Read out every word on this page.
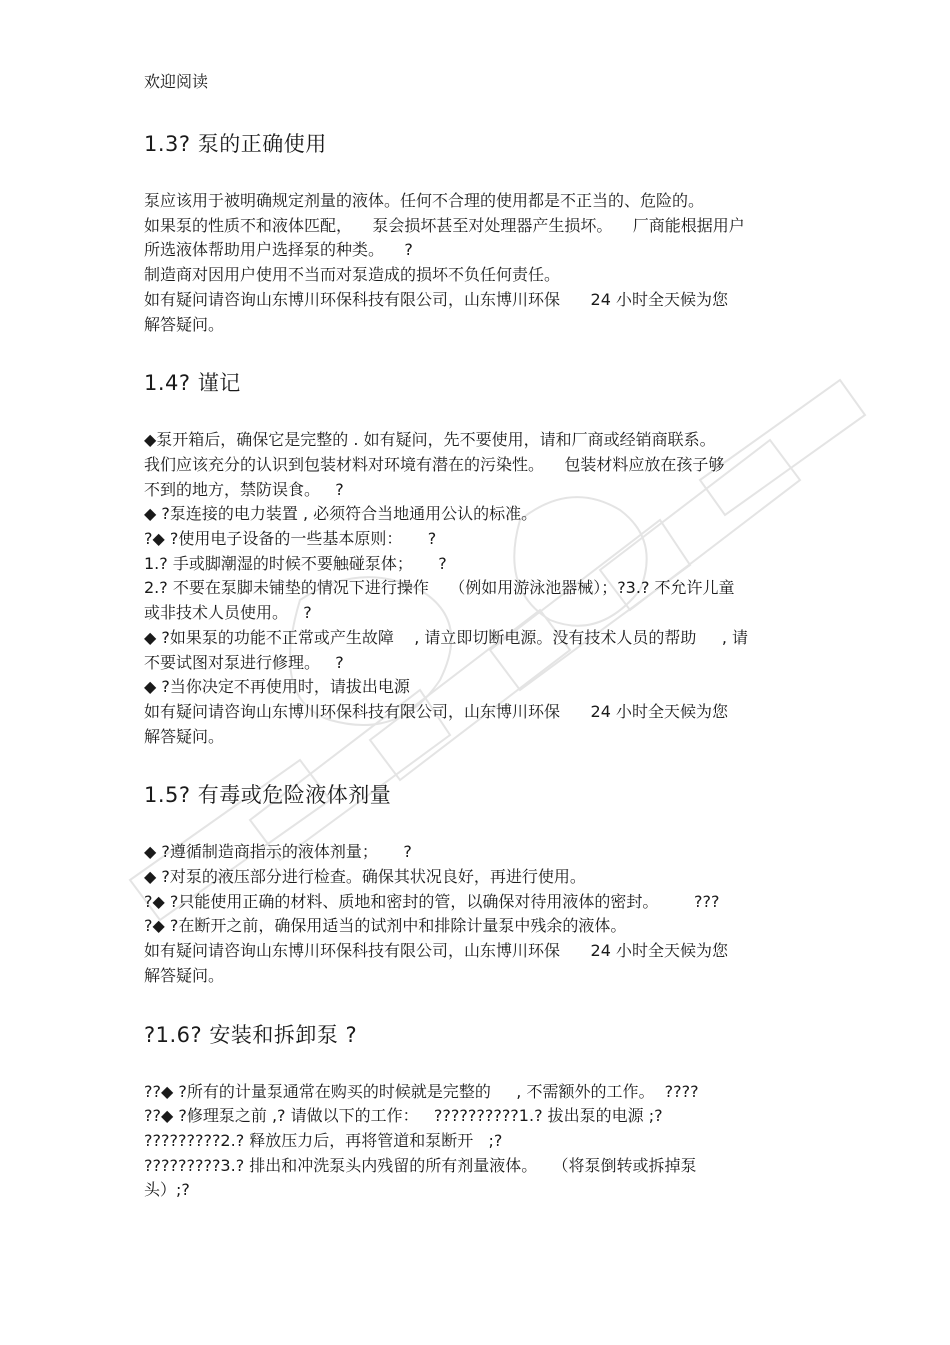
欢迎阅读
1.3? 泵的正确使用

泵应该用于被明确规定剂量的液体。任何不合理的使用都是不正当的、危险的。

如果泵的性质不和液体匹配，    泵会损坏甚至对处理器产生损坏。    厂商能根据用户

所选液体帮助用户选择泵的种类。    ?

制造商对因用户使用不当而对泵造成的损坏不负任何责任。

如有疑问请咨询山东博川环保科技有限公司，山东博川环保      24 小时全天候为您

解答疑问。

1.4? 谨记

◆泵开箱后，确保它是完整的 . 如有疑问，先不要使用，请和厂商或经销商联系。

我们应该充分的认识到包装材料对环境有潜在的污染性。    包装材料应放在孩子够

不到的地方，禁防误食。   ?

◆ ?泵连接的电力装置 , 必须符合当地通用公认的标准。

?◆ ?使用电子设备的一些基本原则：     ?

1.? 手或脚潮湿的时候不要触碰泵体；     ?

2.? 不要在泵脚未铺垫的情况下进行操作    （例如用游泳池器械）；?3.? 不允许儿童

或非技术人员使用。   ?

◆ ?如果泵的功能不正常或产生故障    , 请立即切断电源。没有技术人员的帮助     , 请

不要试图对泵进行修理。   ?

◆ ?当你决定不再使用时，请拔出电源

如有疑问请咨询山东博川环保科技有限公司，山东博川环保      24 小时全天候为您

解答疑问。

1.5? 有毒或危险液体剂量

◆ ?遵循制造商指示的液体剂量；     ?

◆ ?对泵的液压部分进行检查。确保其状况良好，再进行使用。

?◆ ?只能使用正确的材料、质地和密封的管，以确保对待用液体的密封。       ???

?◆ ?在断开之前，确保用适当的试剂中和排除计量泵中残余的液体。

如有疑问请咨询山东博川环保科技有限公司，山东博川环保      24 小时全天候为您

解答疑问。

?1.6? 安装和拆卸泵 ?

??◆ ?所有的计量泵通常在购买的时候就是完整的     , 不需额外的工作。  ????

??◆ ?修理泵之前 ,? 请做以下的工作：   ??????????1.? 拔出泵的电源 ;?

?????????2.? 释放压力后，再将管道和泵断开   ;?

?????????3.? 排出和冲洗泵头内残留的所有剂量液体。   （将泵倒转或拆掉泵

头）;?
